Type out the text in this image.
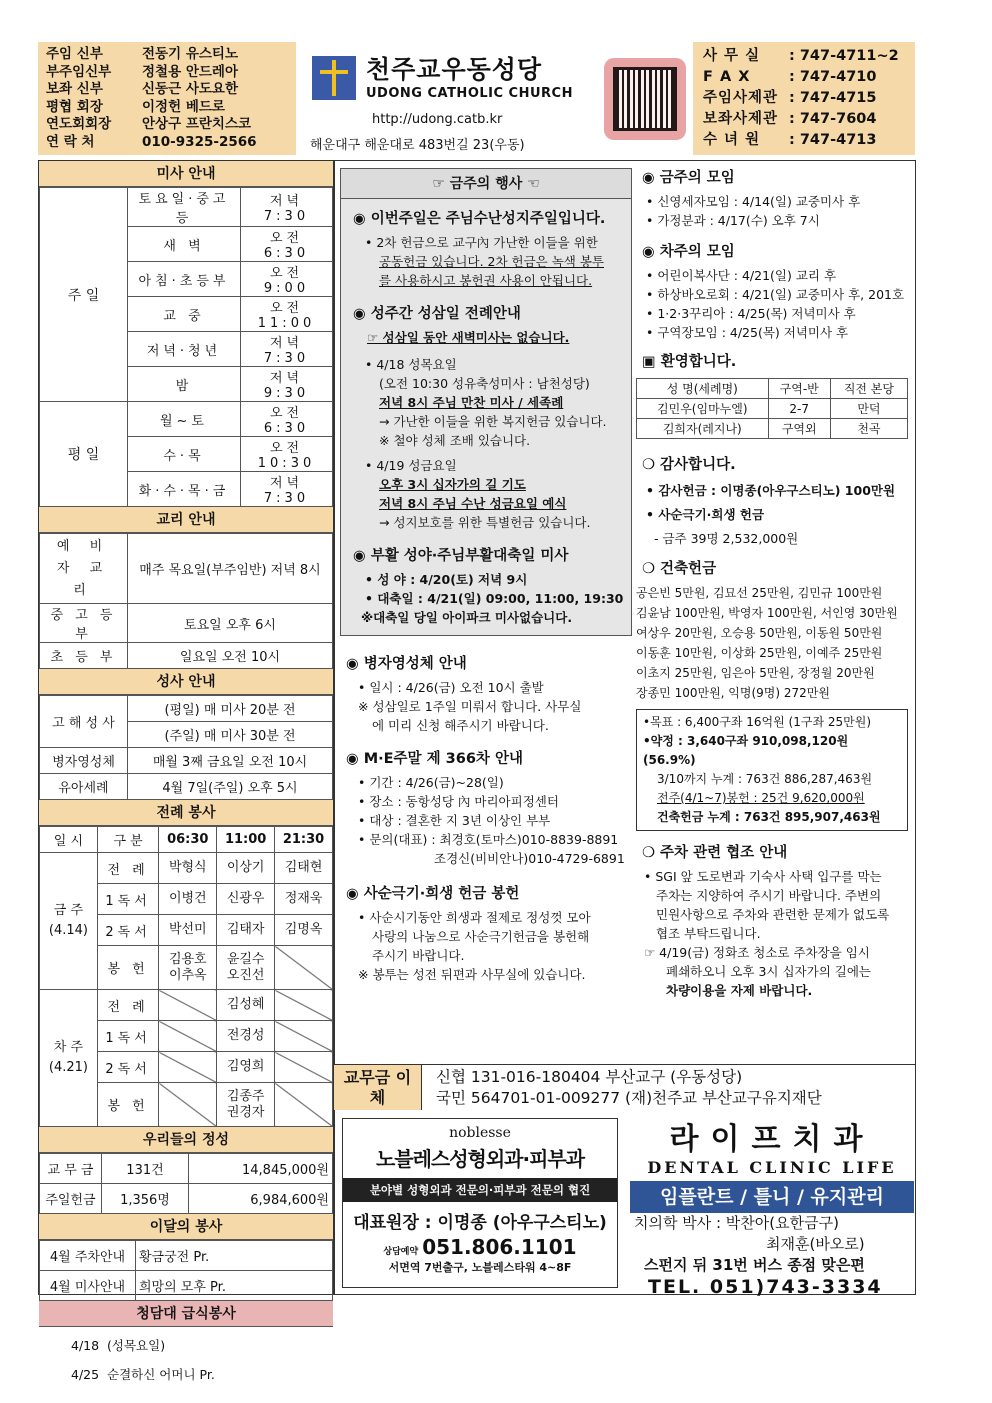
주임 신부	전동기 유스티노
부주임신부	정철용 안드레아
보좌 신부	신동근 사도요한
평협 회장	이정헌 베드로
연도회회장	안상구 프란치스코
연 락 처	010-9325-2566
천주교우동성당
UDONG CATHOLIC CHURCH
http://udong.catb.kr
해운대구 해운대로 483번길 23(우동)
사 무 실	: 747-4711~2
F A X	: 747-4710
주임사제관 : 747-4715
보좌사제관 : 747-7604
수 녀 원	: 747-4713
미사 안내
주 일	토요일·중고등	저녁 7:30
	새 벽	오전 6:30
	아침·초등부	오전 9:00
	교 중	오전 11:00
	저녁·청년	저녁 7:30
	밤	저녁 9:30
평 일	월~토	오전 6:30
	수·목	오전 10:30
	화·수·목·금	저녁 7:30
교리 안내
예 비 자 교 리	매주 목요일(부주임반) 저녁 8시
중 고 등 부	토요일 오후 6시
초 등 부	일요일 오전 10시
성사 안내
고 해 성 사	(평일) 매 미사 20분 전
	(주일) 매 미사 30분 전
병자영성체	매월 3째 금요일 오전 10시
유아세례	4월 7일(주일) 오후 5시
전례 봉사
일 시	구 분	06:30	11:00	21:30
금 주 (4.14)	전 례	박형식	이상기	김태현
	1독서	이병건	신광우	정재욱
	2독서	박선미	김태자	김명옥
	봉 헌	김용호 이추옥	윤길수 오진선	
차 주 (4.21)	전 례		김성혜	
	1독서		전경성	
	2독서		김영희	
	봉 헌		김종주 권경자	
우리들의 정성
교 무 금	131건	14,845,000원
주일헌금	1,356명	6,984,600원
이달의 봉사
4월 주차안내	황금궁전 Pr.
4월 미사안내	희망의 모후 Pr.
청담대 급식봉사
4/18 (성목요일)
4/25 순결하신 어머니 Pr.
☞ 금주의 행사 ☜
◉ 이번주일은 주님수난성지주일입니다.
• 2차 헌금으로 교구內 가난한 이들을 위한
공동헌금 있습니다. 2차 헌금은 녹색 봉투
를 사용하시고 봉헌권 사용이 안됩니다.
◉ 성주간 성삼일 전례안내
☞ 성삼일 동안 새벽미사는 없습니다.
• 4/18 성목요일
(오전 10:30 성유축성미사 : 남천성당)
저녁 8시 주님 만찬 미사 / 세족례
→ 가난한 이들을 위한 복지헌금 있습니다.
※ 철야 성체 조배 있습니다.
• 4/19 성금요일
오후 3시 십자가의 길 기도
저녁 8시 주님 수난 성금요일 예식
→ 성지보호를 위한 특별헌금 있습니다.
◉ 부활 성야·주님부활대축일 미사
• 성 야 : 4/20(토) 저녁 9시
• 대축일 : 4/21(일) 09:00, 11:00, 19:30
※대축일 당일 아이파크 미사없습니다.
◉ 병자영성체 안내
• 일시 : 4/26(금) 오전 10시 출발
※ 성삼일로 1주일 미뤄서 합니다. 사무실
에 미리 신청 해주시기 바랍니다.
◉ M·E주말 제 366차 안내
• 기간 : 4/26(금)~28(일)
• 장소 : 동항성당 內 마리아피정센터
• 대상 : 결혼한 지 3년 이상인 부부
• 문의(대표) : 최경호(토마스)010-8839-8891
조경신(비비안나)010-4729-6891
◉ 사순극기·희생 헌금 봉헌
• 사순시기동안 희생과 절제로 정성껏 모아
사랑의 나눔으로 사순극기헌금을 봉헌해
주시기 바랍니다.
※ 봉투는 성전 뒤편과 사무실에 있습니다.
◉ 금주의 모임
• 신영세자모임 : 4/14(일) 교중미사 후
• 가정분과 : 4/17(수) 오후 7시
◉ 차주의 모임
• 어린이복사단 : 4/21(일) 교리 후
• 하상바오로회 : 4/21(일) 교중미사 후, 201호
• 1·2·3꾸리아 : 4/25(목) 저녁미사 후
• 구역장모임 : 4/25(목) 저녁미사 후
▣ 환영합니다.
성 명(세례명)	구역-반	직전 본당
김민우(임마누엘)	2-7	만덕
김희자(레지나)	구역외	천곡
❍ 감사합니다.
• 감사헌금 : 이명종(아우구스티노) 100만원
• 사순극기·희생 헌금
- 금주 39명 2,532,000원
❍ 건축헌금
공은빈 5만원, 김묘선 25만원, 김민규 100만원
김윤남 100만원, 박영자 100만원, 서인영 30만원
여상우 20만원, 오승용 50만원, 이동원 50만원
이동훈 10만원, 이상화 25만원, 이예주 25만원
이초지 25만원, 임은아 5만원, 장정월 20만원
장종민 100만원, 익명(9명) 272만원
•목표 : 6,400구좌 16억원 (1구좌 25만원)
•약정 : 3,640구좌 910,098,120원 (56.9%)
3/10까지 누계 : 763건 886,287,463원
전주(4/1~7)봉헌 : 25건 9,620,000원
건축헌금 누계 : 763건 895,907,463원
❍ 주차 관련 협조 안내
• SGI 앞 도로변과 기숙사 사택 입구를 막는
주차는 지양하여 주시기 바랍니다. 주변의
민원사항으로 주차와 관련한 문제가 없도록
협조 부탁드립니다.
☞ 4/19(금) 정화조 청소로 주차장을 임시
폐쇄하오니 오후 3시 십자가의 길에는
차량이용을 자제 바랍니다.
교무금 이 체
신협 131-016-180404 부산교구 (우동성당)
국민 564701-01-009277 (재)천주교 부산교구유지재단
noblesse
노블레스성형외과·피부과
분야별 성형외과 전문의·피부과 전문의 협진
대표원장 : 이명종 (아우구스티노)
상담예약 051.806.1101
서면역 7번출구, 노블레스타워 4~8F
라이프치과
DENTAL CLINIC LIFE
임플란트 / 틀니 / 유지관리
치의학 박사 : 박찬아(요한금구)
최재훈(바오로)
스펀지 뒤 31번 버스 종점 맞은편
TEL. 051)743-3334
